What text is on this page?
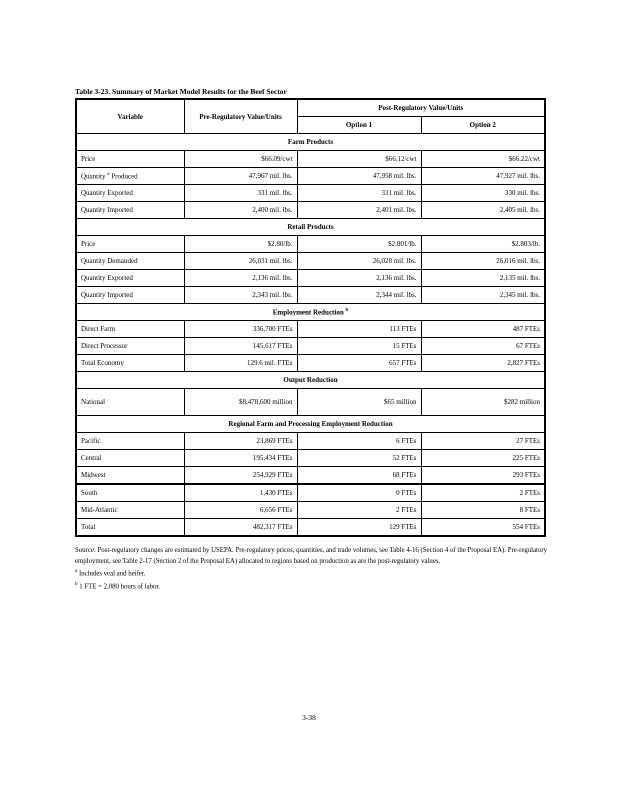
Table 3-23. Summary of Market Model Results for the Beef Sector
Variable	Pre-Regulatory Value/Units	Post-Regulatory Value/Units	
		Option 1	Option 2
Farm Products			
Price	$66.09/cwt	$66.12/cwt	$66.22/cwt
Quantity $^a$ Produced	47,967 mil. lbs.	47,958 mil. lbs.	47,927 mil. lbs.
Quantity Exported	331 mil. lbs.	331 mil. lbs.	330 mil. lbs.
Quantity Imported	2,400 mil. lbs.	2,401 mil. lbs.	2,405 mil. lbs.
Retail Products			
Price	$2.80/lb.	$2.801/lb.	$2.803/lb.
Quantity Demanded	26,031 mil. lbs.	26,028 mil. lbs.	26,016 mil. lbs.
Quantity Exported	2,136 mil. lbs.	2,136 mil. lbs.	2,135 mil. lbs.
Quantity Imported	2,343 mil. lbs.	2,344 mil. lbs.	2,345 mil. lbs.
Employment Reduction $^b$
Direct Farm	336,700 FTEs	113 FTEs	487 FTEs
Direct Processor	145,617 FTEs	15 FTEs	67 FTEs
Total Economy	129.6 mil. FTEs	657 FTEs	2,827 FTEs
Output Reduction			
National	$8,478,600 million	$65 million	$282 million
Regional Farm and Processing Employment Reduction			
Pacific	23,869 FTEs	6 FTEs	27 FTEs
Central	195,434 FTEs	52 FTEs	225 FTEs
Midwest	254,929 FTEs	68 FTEs	293 FTEs
South	1,430 FTEs	0 FTEs	2 FTEs
Mid-Atlantic	6,656 FTEs	2 FTEs	8 FTEs
Total	482,317 FTEs	129 FTEs	554 FTEs

Source: Post-regulatory changes are estimated by USEPA. Pre-regulatory prices, quantities, and trade volumes, see Table 4-16 (Section 4 of the Proposal EA). Pre-regulatory employment, see Table 2-17 (Section 2 of the Proposal EA) allocated to regions based on production as are the post-regulatory values.

$^a$ Includes veal and heifer.

$^b$ 1 FTE = 2,080 hours of labor.

3-38
